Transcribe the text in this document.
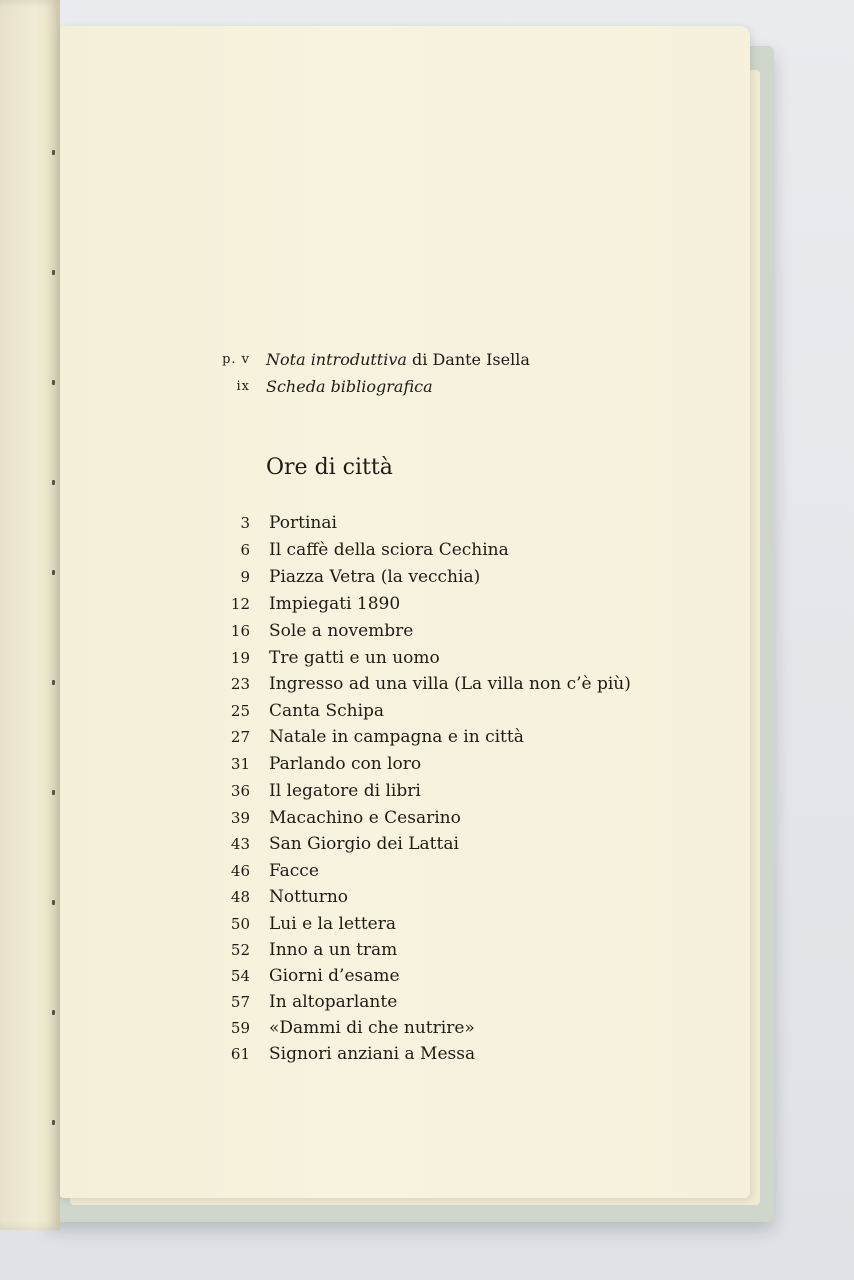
p. v Nota introduttiva di Dante Isella
ix Scheda bibliografica
Ore di città
3 Portinai
6 Il caffè della sciora Cechina
9 Piazza Vetra (la vecchia)
12 Impiegati 1890
16 Sole a novembre
19 Tre gatti e un uomo
23 Ingresso ad una villa (La villa non c’è più)
25 Canta Schipa
27 Natale in campagna e in città
31 Parlando con loro
36 Il legatore di libri
39 Macachino e Cesarino
43 San Giorgio dei Lattai
46 Facce
48 Notturno
50 Lui e la lettera
52 Inno a un tram
54 Giorni d’esame
57 In altoparlante
59 «Dammi di che nutrire»
61 Signori anziani a Messa
